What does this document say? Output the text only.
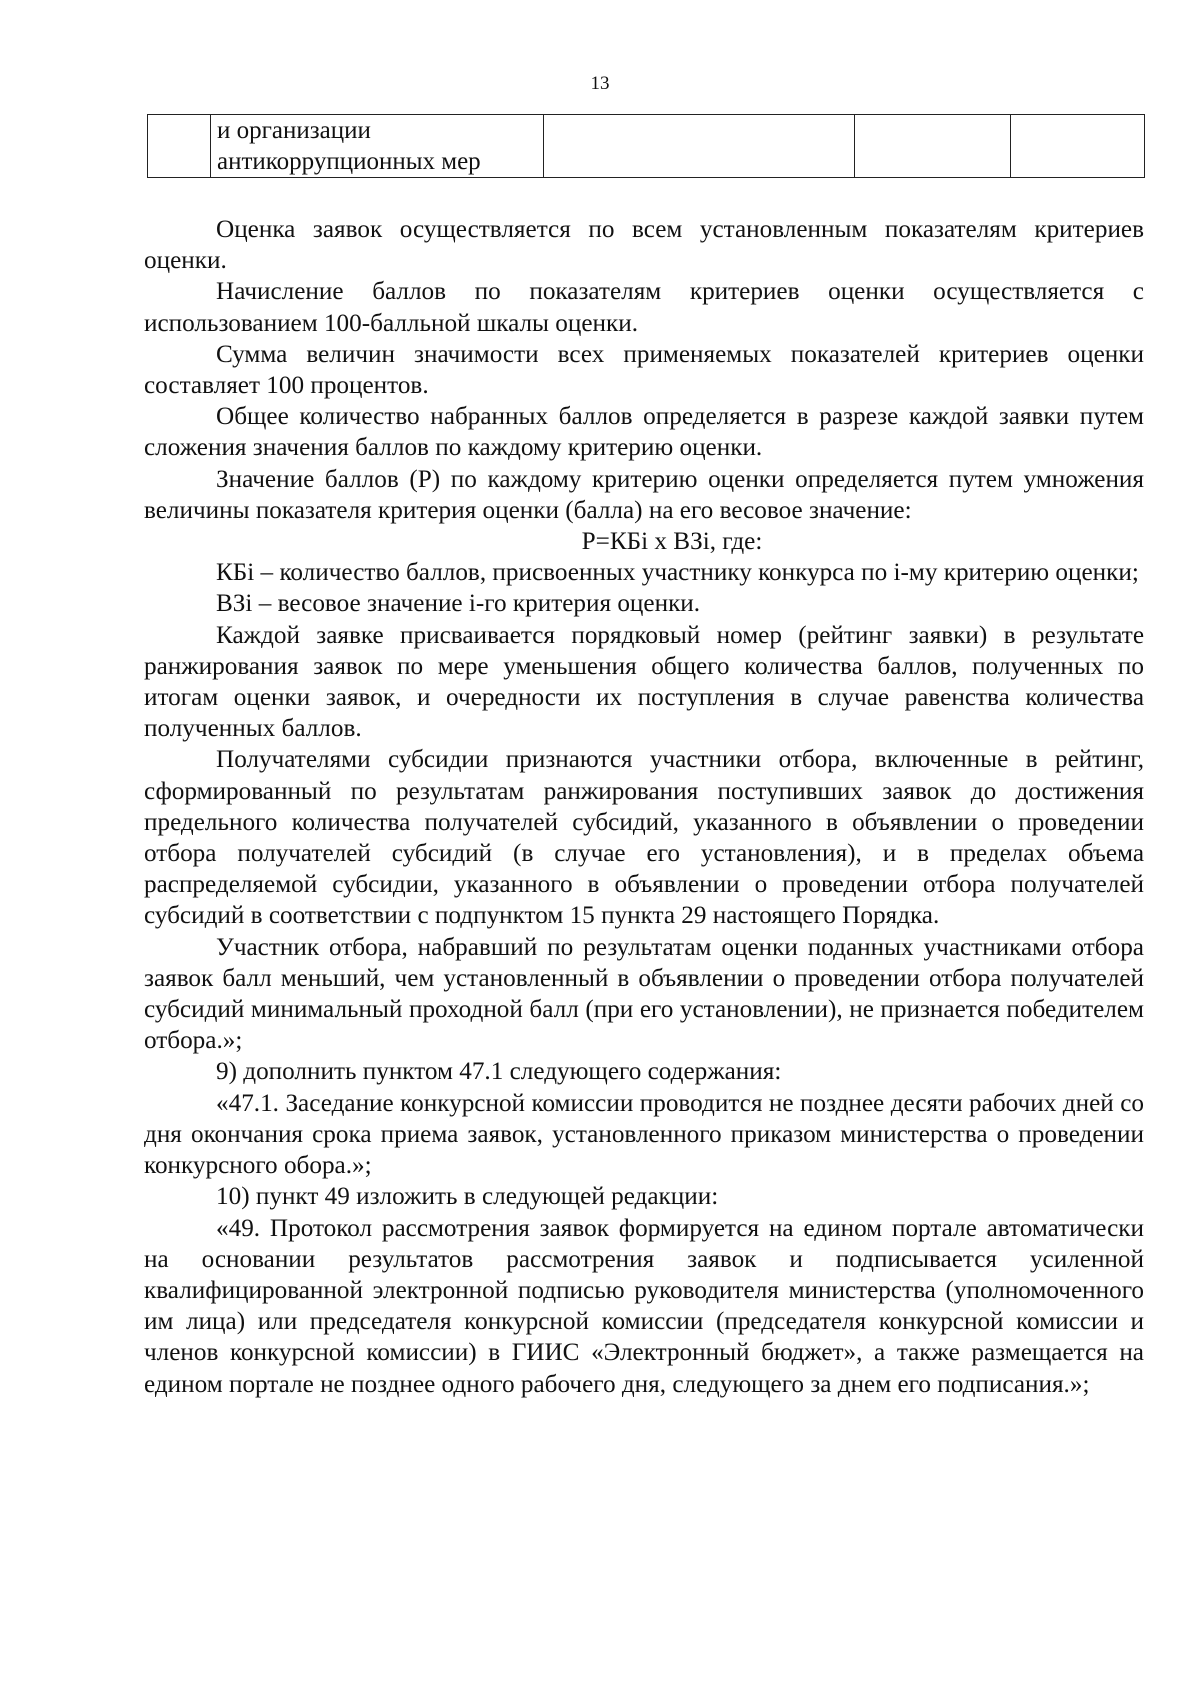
13

и организации
антикоррупционных мер

Оценка заявок осуществляется по всем установленным показателям критериев оценки.

Начисление баллов по показателям критериев оценки осуществляется с использованием 100-балльной шкалы оценки.

Сумма величин значимости всех применяемых показателей критериев оценки составляет 100 процентов.

Общее количество набранных баллов определяется в разрезе каждой заявки путем сложения значения баллов по каждому критерию оценки.

Значение баллов (Р) по каждому критерию оценки определяется путем умножения величины показателя критерия оценки (балла) на его весовое значение:

Р=КБi х ВЗi, где:

КБi – количество баллов, присвоенных участнику конкурса по i-му критерию оценки;

ВЗi – весовое значение i-го критерия оценки.

Каждой заявке присваивается порядковый номер (рейтинг заявки) в результате ранжирования заявок по мере уменьшения общего количества баллов, полученных по итогам оценки заявок, и очередности их поступления в случае равенства количества полученных баллов.

Получателями субсидии признаются участники отбора, включенные в рейтинг, сформированный по результатам ранжирования поступивших заявок до достижения предельного количества получателей субсидий, указанного в объявлении о проведении отбора получателей субсидий (в случае его установления), и в пределах объема распределяемой субсидии, указанного в объявлении о проведении отбора получателей субсидий в соответствии с подпунктом 15 пункта 29 настоящего Порядка.

Участник отбора, набравший по результатам оценки поданных участниками отбора заявок балл меньший, чем установленный в объявлении о проведении отбора получателей субсидий минимальный проходной балл (при его установлении), не признается победителем отбора.»;

9) дополнить пунктом 47.1 следующего содержания:

«47.1. Заседание конкурсной комиссии проводится не позднее десяти рабочих дней со дня окончания срока приема заявок, установленного приказом министерства о проведении конкурсного обора.»;

10) пункт 49 изложить в следующей редакции:

«49. Протокол рассмотрения заявок формируется на едином портале автоматически на основании результатов рассмотрения заявок и подписывается усиленной квалифицированной электронной подписью руководителя министерства (уполномоченного им лица) или председателя конкурсной комиссии (председателя конкурсной комиссии и членов конкурсной комиссии) в ГИИС «Электронный бюджет», а также размещается на едином портале не позднее одного рабочего дня, следующего за днем его подписания.»;
